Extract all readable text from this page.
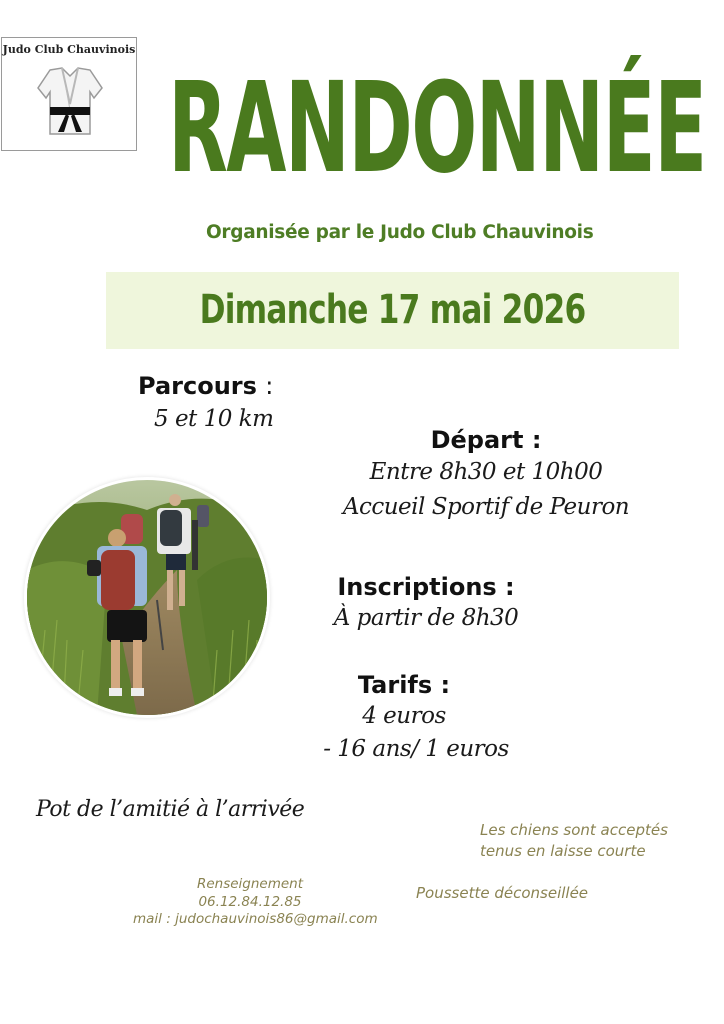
Judo Club Chauvinois
RANDONNÉE
Organisée par le Judo Club Chauvinois
Dimanche 17 mai 2026
Parcours :
5 et 10 km
Départ :
Entre 8h30 et 10h00
Accueil Sportif de Peuron
Inscriptions :
À partir de 8h30
Tarifs :
4 euros
- 16 ans/ 1 euros
Pot de l’amitié à l’arrivée
Les chiens sont acceptés
tenus en laisse courte
Poussette déconseillée
Renseignement
06.12.84.12.85
mail : judochauvinois86@gmail.com
